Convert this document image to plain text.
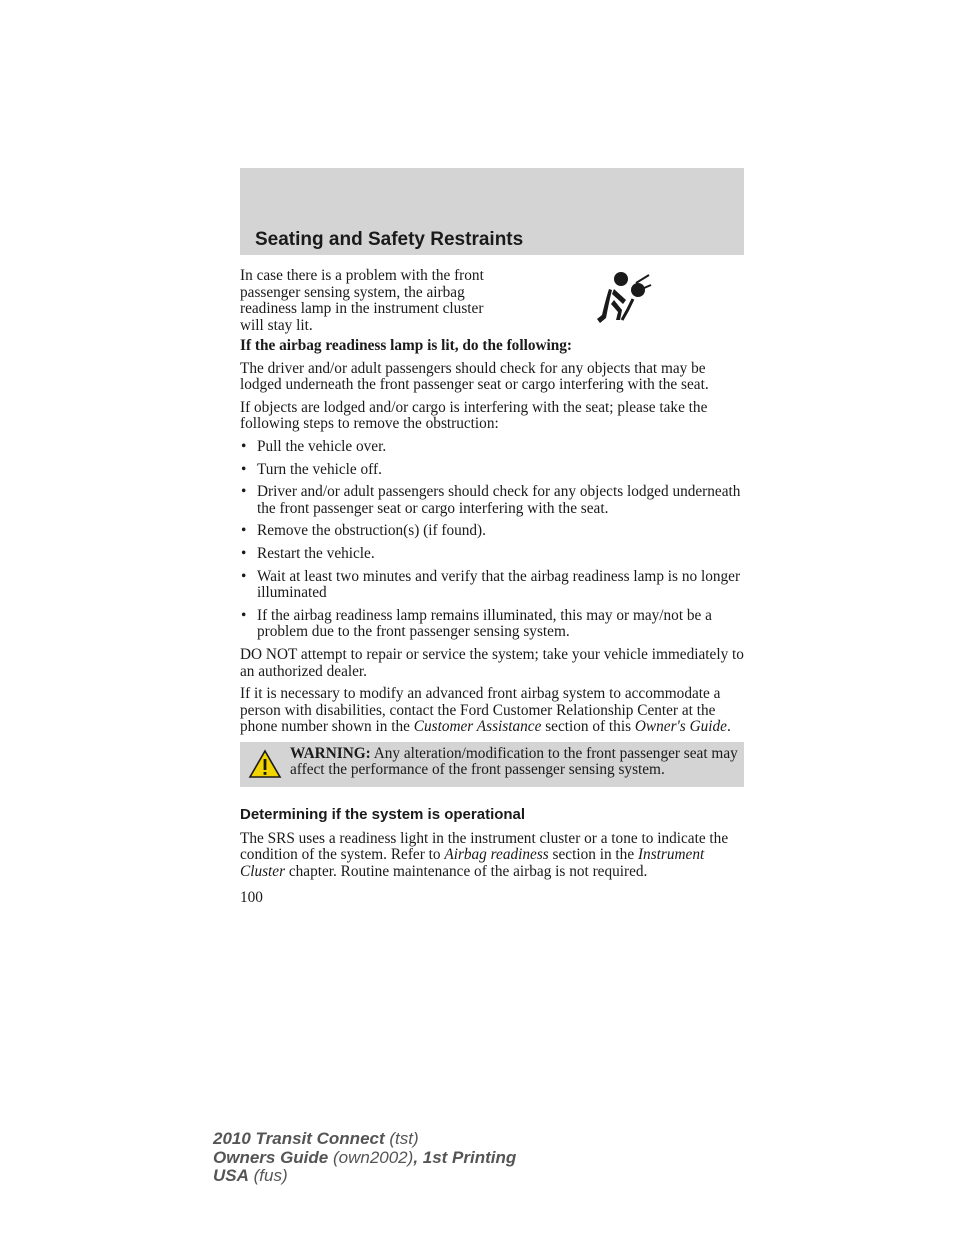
Seating and Safety Restraints

In case there is a problem with the front passenger sensing system, the airbag readiness lamp in the instrument cluster will stay lit.

If the airbag readiness lamp is lit, do the following:

The driver and/or adult passengers should check for any objects that may be lodged underneath the front passenger seat or cargo interfering with the seat.

If objects are lodged and/or cargo is interfering with the seat; please take the following steps to remove the obstruction:

• Pull the vehicle over.
• Turn the vehicle off.
• Driver and/or adult passengers should check for any objects lodged underneath the front passenger seat or cargo interfering with the seat.
• Remove the obstruction(s) (if found).
• Restart the vehicle.
• Wait at least two minutes and verify that the airbag readiness lamp is no longer illuminated
• If the airbag readiness lamp remains illuminated, this may or may/not be a problem due to the front passenger sensing system.

DO NOT attempt to repair or service the system; take your vehicle immediately to an authorized dealer.

If it is necessary to modify an advanced front airbag system to accommodate a person with disabilities, contact the Ford Customer Relationship Center at the phone number shown in the Customer Assistance section of this Owner's Guide.

WARNING: Any alteration/modification to the front passenger seat may affect the performance of the front passenger sensing system.
Determining if the system is operational

The SRS uses a readiness light in the instrument cluster or a tone to indicate the condition of the system. Refer to Airbag readiness section in the Instrument Cluster chapter. Routine maintenance of the airbag is not required.

100

2010 Transit Connect (tst)
Owners Guide (own2002), 1st Printing
USA (fus)
